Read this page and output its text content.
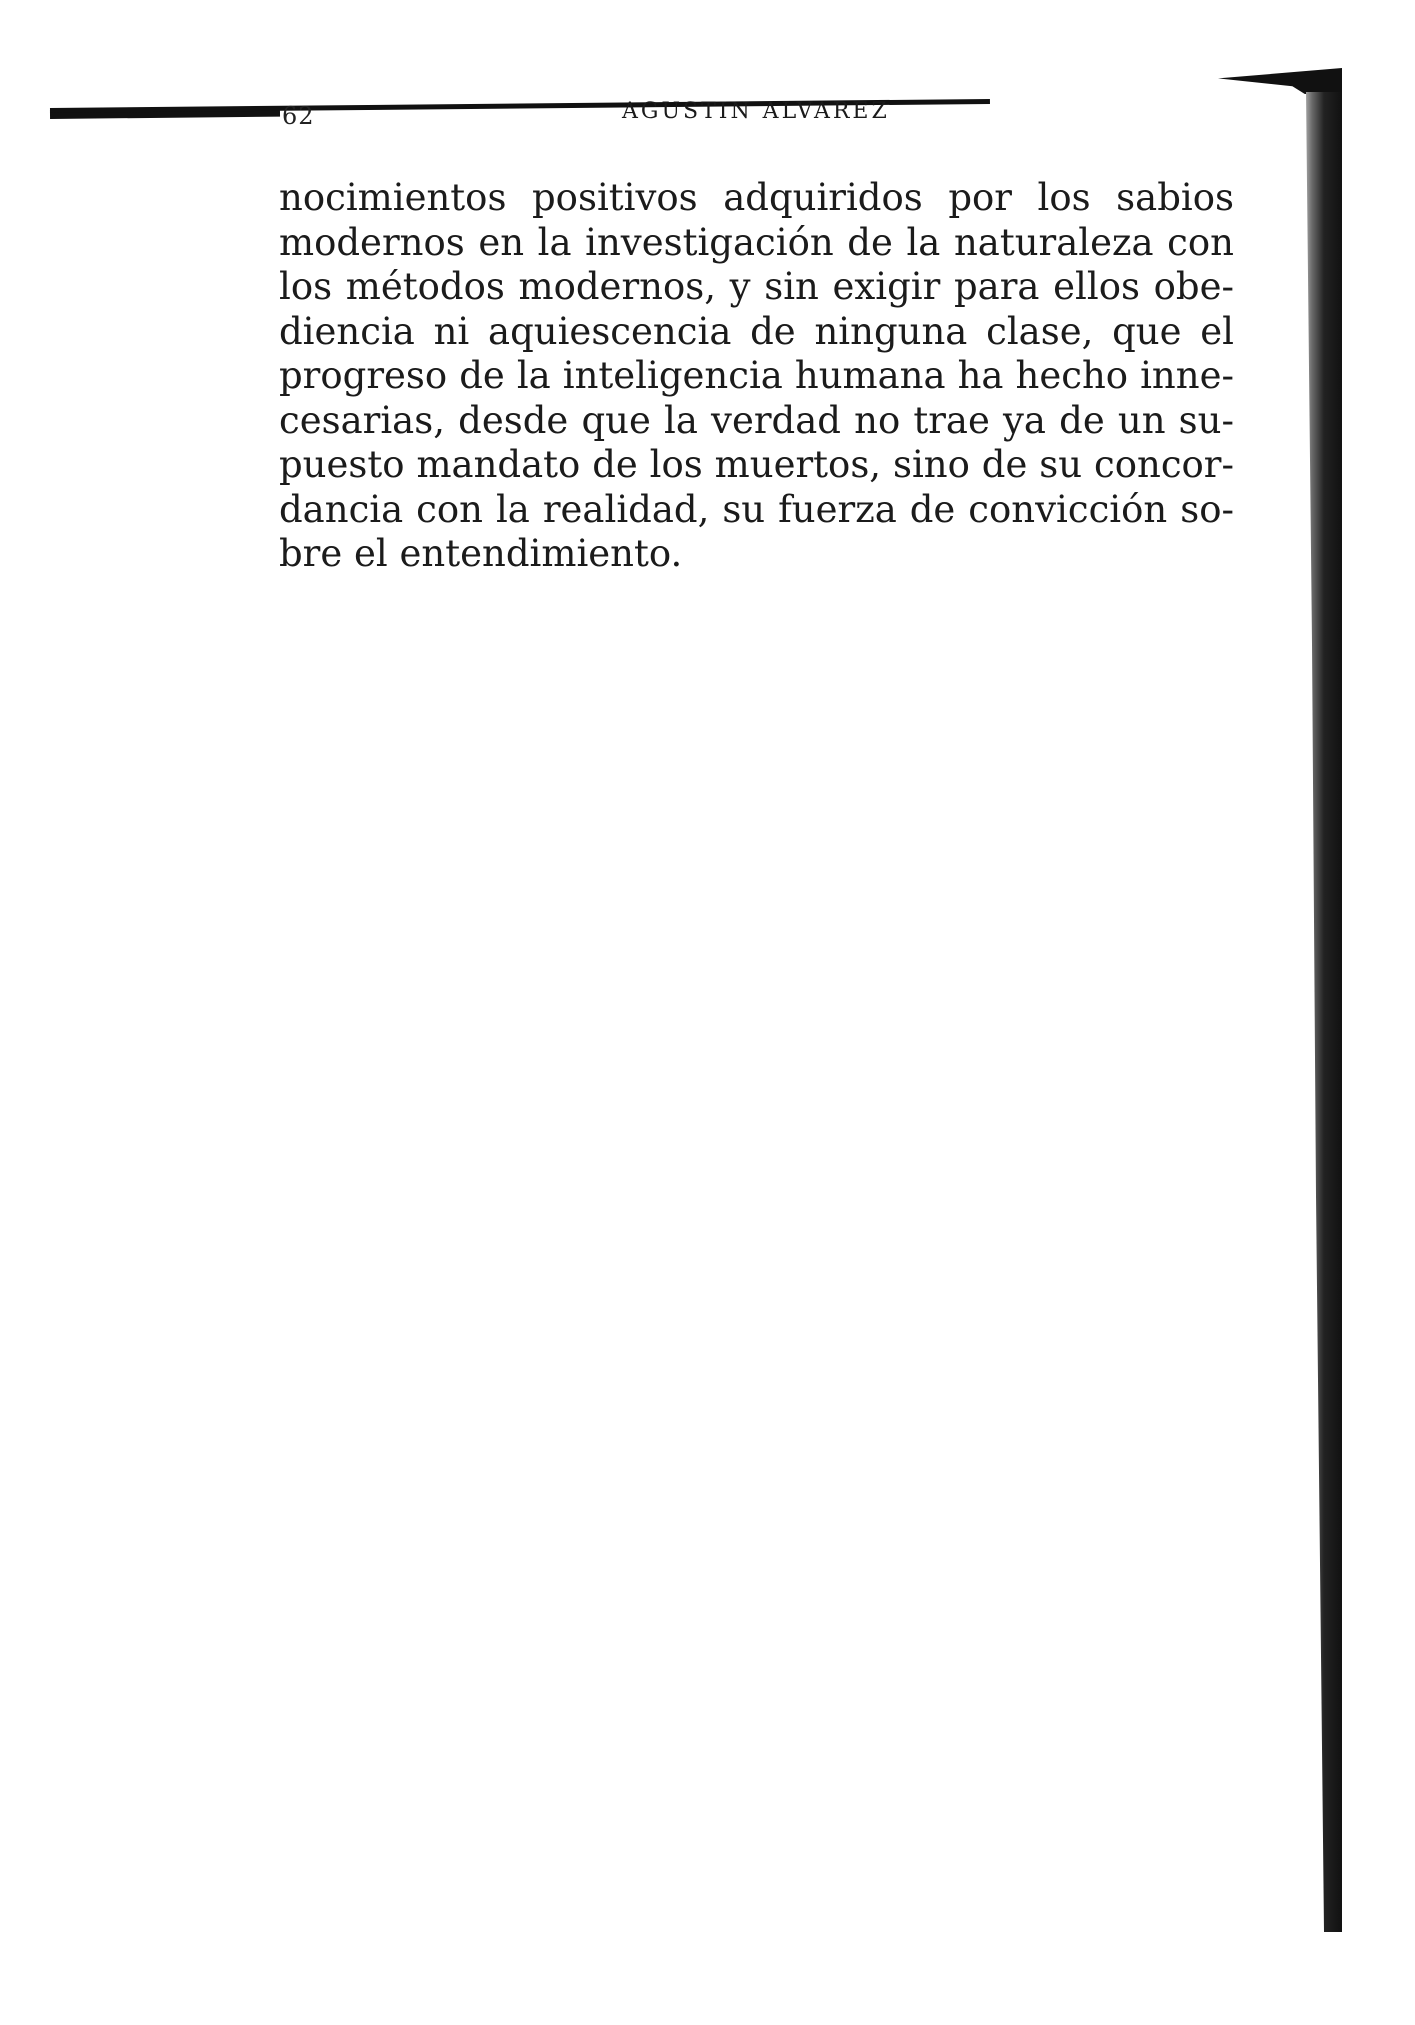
62	AGUSTIN ALVAREZ
nocimientos positivos adquiridos por los sabios
modernos en la investigación de la naturaleza con
los métodos modernos, y sin exigir para ellos obe-
diencia ni aquiescencia de ninguna clase, que el
progreso de la inteligencia humana ha hecho inne-
cesarias, desde que la verdad no trae ya de un su-
puesto mandato de los muertos, sino de su concor-
dancia con la realidad, su fuerza de convicción so-
bre el entendimiento.
